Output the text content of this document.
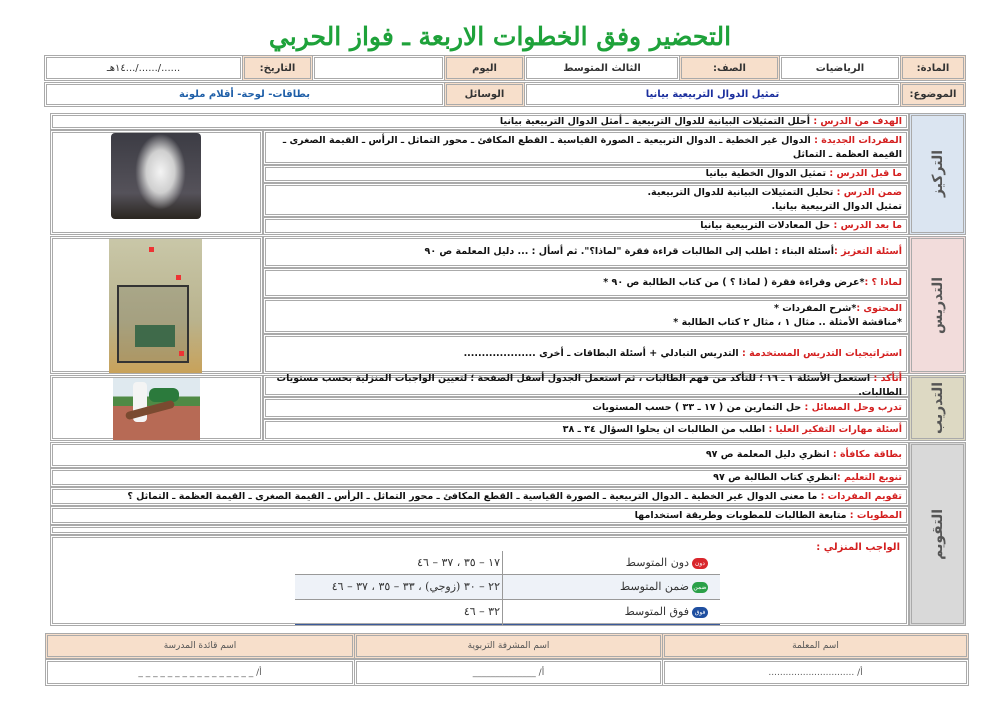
التحضير وفق الخطوات الاربعة ـ فواز الحربي
المادة:
الرياضيات
الصف:
الثالث المتوسط
اليوم
التاريخ:
....../....../...١٤هـ
الموضوع:
تمثيل الدوال التربيعية بيانيا
الوسائل
بطاقات- لوحة- أقلام ملونة
التركيز
التدريس
التدريب
التقويم
الهدف من الدرس : أحلل التمثيلات البيانية للدوال التربيعية ـ أمثل الدوال التربيعية بيانيا
المفردات الجديدة : الدوال غير الخطية ـ الدوال التربيعية ـ الصورة القياسية ـ القطع المكافئ ـ محور التماثل ـ الرأس ـ القيمة الصغرى ـ القيمة العظمة ـ التماثل
ما قبل الدرس : تمثيل الدوال الخطية بيانيا
ضمن الدرس : تحليل التمثيلات البيانية للدوال التربيعية.
تمثيل الدوال التربيعية بيانيا.
ما بعد الدرس : حل المعادلات التربيعية بيانيا
أسئلة التعزيز :أسئلة البناء : اطلب إلى الطالبات قراءة فقرة "لماذا؟". ثم أسأل : ... دليل المعلمة ص ٩٠
لماذا ؟ :*عرض وقراءة فقرة ( لماذا ؟ ) من كتاب الطالبة ص ٩٠ *
المحتوى :*شرح المفردات *
*مناقشة الأمثلة .. مثال ١ ، مثال ٢ كتاب الطالبة *
استراتيجيات التدريس المستخدمة : التدريس التبادلي + أسئلة البطاقات ـ أخرى ....................
أتأكد : استعمل الأسئلة ١ ـ ١٦ ؛ للتأكد من فهم الطالبات ، ثم استعمل الجدول أسفل الصفحة ؛ لتعيين الواجبات المنزلية بحسب مستويات الطالبات.
تدرب وحل المسائل : حل التمارين من ( ١٧ ـ ٣٣ ) حسب المستويات
أسئلة مهارات التفكير العليا : اطلب من الطالبات ان يحلوا السؤال ٣٤ ـ ٣٨
بطاقة مكافأة : انظري دليل المعلمة ص ٩٧
تنويع التعليم :انظري كتاب الطالبة ص ٩٧
تقويم المفردات : ما معنى الدوال غير الخطية ـ الدوال التربيعية ـ الصورة القياسية ـ القطع المكافئ ـ محور التماثل ـ الرأس ـ القيمة الصغرى ـ القيمة العظمة ـ التماثل ؟
المطويات : متابعة الطالبات للمطويات وطريقة استخدامها
الواجب المنزلي :
دوندون المتوسط
١٧ – ٣٥ ، ٣٧ – ٤٦
ضمنضمن المتوسط
٢٢ – ٣٠ (زوجي) ، ٣٣ – ٣٥ ، ٣٧ – ٤٦
فوقفوق المتوسط
٣٢ – ٤٦
اسم المعلمة
اسم المشرفة التربوية
اسم قائدة المدرسة
أ/ ..............................
أ/ ______________
أ/ _ _ _ _ _ _ _ _ _ _ _ _ _ _ _ _
